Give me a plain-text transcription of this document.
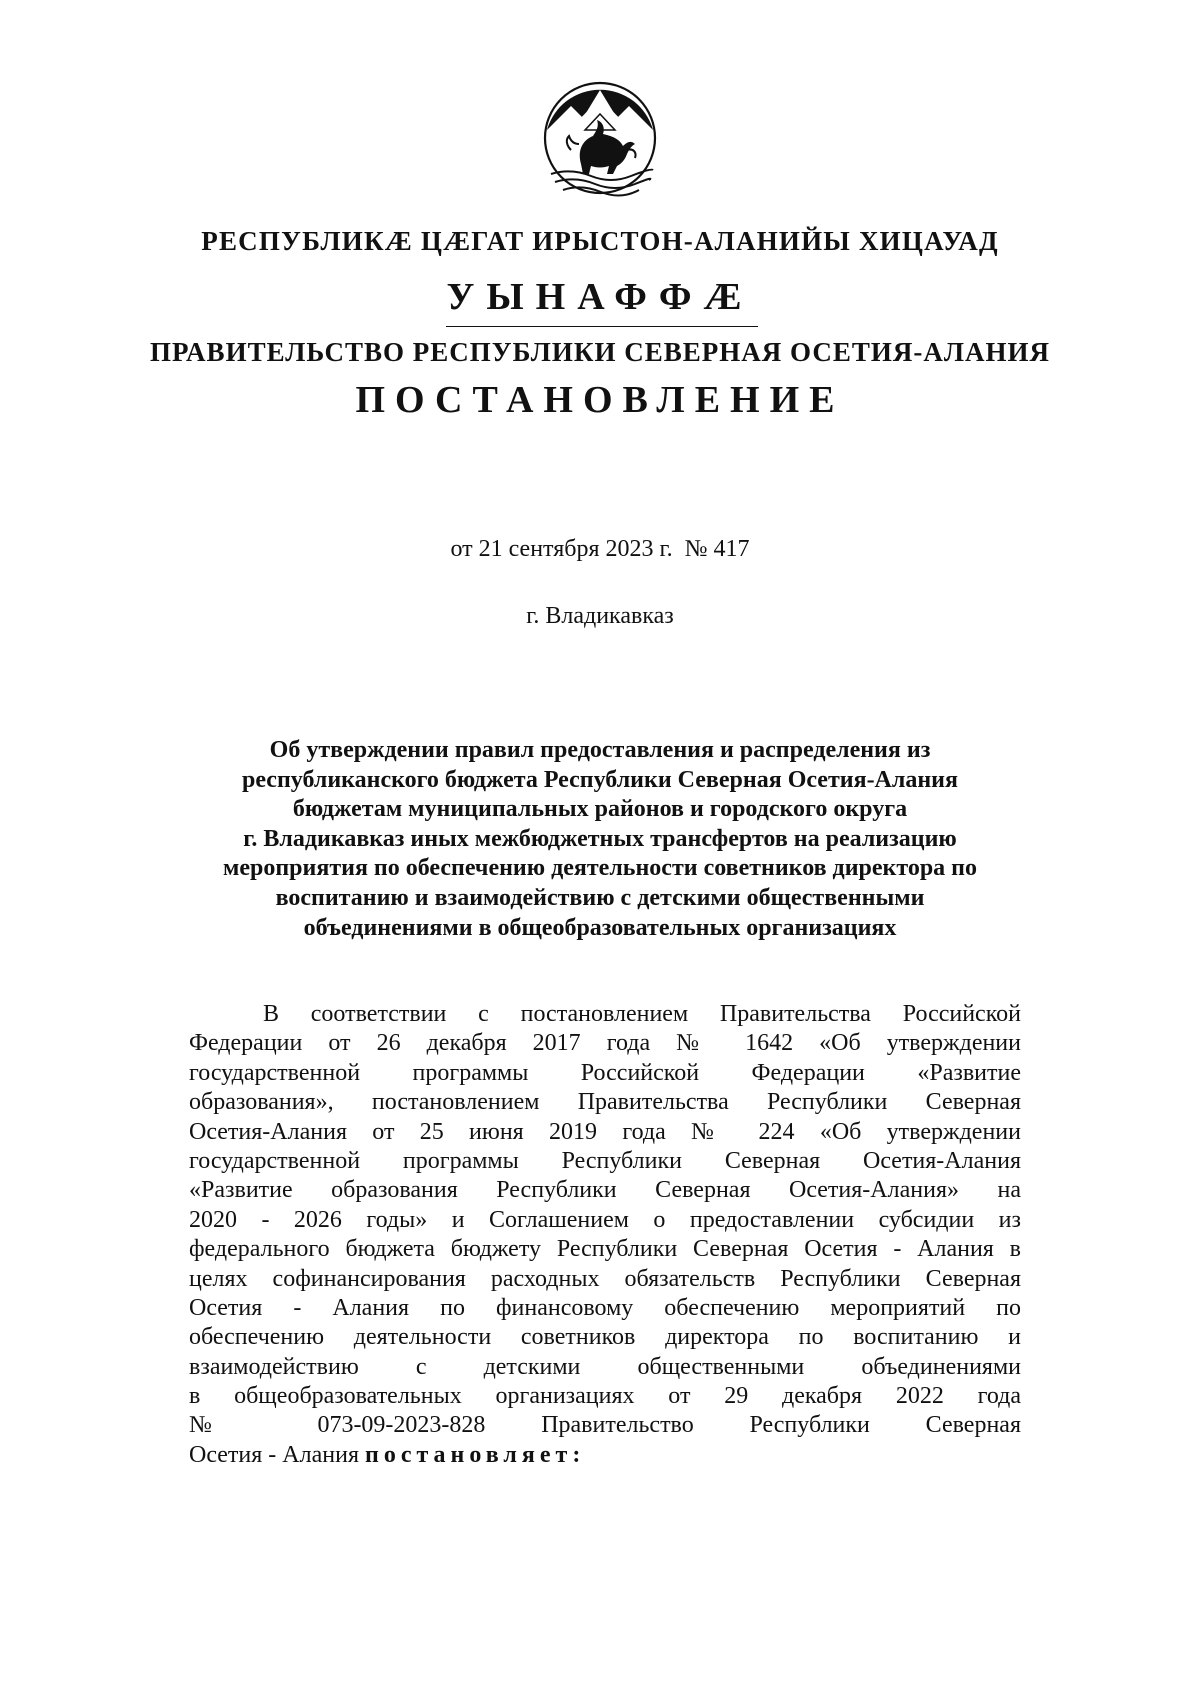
РЕСПУБЛИКÆ ЦÆГАТ ИРЫСТОН-АЛАНИЙЫ ХИЦАУАД
УЫНАФФÆ
ПРАВИТЕЛЬСТВО РЕСПУБЛИКИ СЕВЕРНАЯ ОСЕТИЯ-АЛАНИЯ
ПОСТАНОВЛЕНИЕ
от 21 сентября 2023 г.  № 417
г. Владикавказ
Об утверждении правил предоставления и распределения из
республиканского бюджета Республики Северная Осетия-Алания
бюджетам муниципальных районов и городского округа
г. Владикавказ иных межбюджетных трансфертов на реализацию
мероприятия по обеспечению деятельности советников директора по
воспитанию и взаимодействию с детскими общественными
объединениями в общеобразовательных организациях
В соответствии с постановлением Правительства Российской
Федерации от 26 декабря 2017 года № 1642 «Об утверждении
государственной программы Российской Федерации «Развитие
образования», постановлением Правительства Республики Северная
Осетия-Алания от 25 июня 2019 года № 224 «Об утверждении
государственной программы Республики Северная Осетия-Алания
«Развитие образования Республики Северная Осетия-Алания» на
2020 - 2026 годы» и Соглашением о предоставлении субсидии из
федерального бюджета бюджету Республики Северная Осетия - Алания в
целях софинансирования расходных обязательств Республики Северная
Осетия - Алания по финансовому обеспечению мероприятий по
обеспечению деятельности советников директора по воспитанию и
взаимодействию с детскими общественными объединениями
в общеобразовательных организациях от 29 декабря 2022 года
№ 073-09-2023-828 Правительство Республики Северная
Осетия - Алания постановляет:
